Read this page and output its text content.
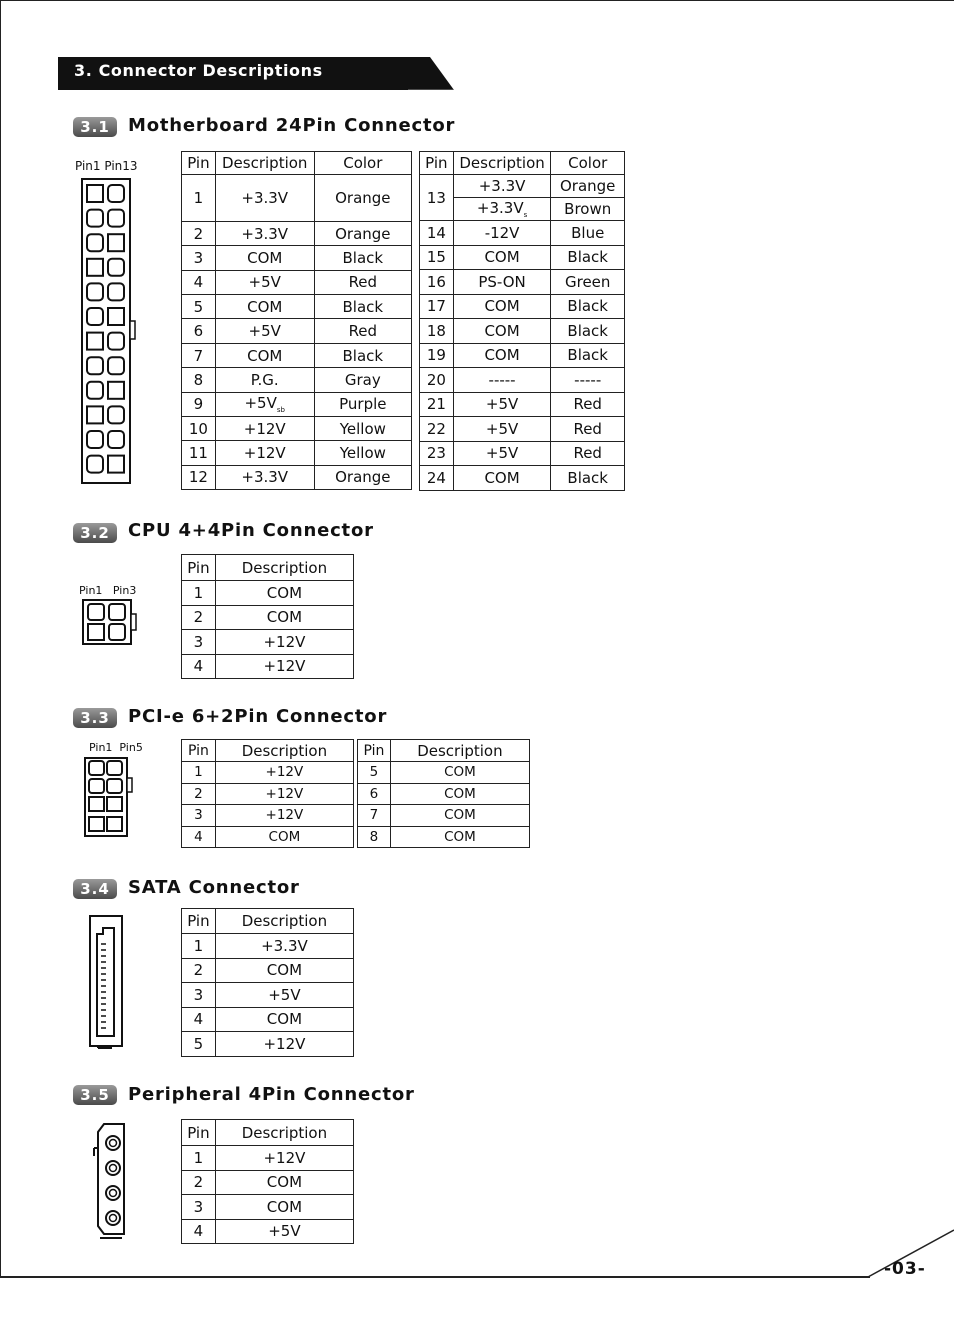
-03-
3. Connector Descriptions
3.1	Motherboard 24Pin Connector
Pin1 Pin13	Pin	Description	Color
1	+3.3V	Orange
2	+3.3V	Orange
3	COM	Black
4	+5V	Red
5	COM	Black
6	+5V	Red
7	COM	Black
8	P.G.	Gray
9	$+5V_{sb}$	Purple
10	+12V	Yellow
11	+12V	Yellow
12	+3.3V	Orange
Pin	Description	Color
13	+3.3V	Orange
	$+3.3V_s$	Brown
14	-12V	Blue
15	COM	Black
16	PS-ON	Green
17	COM	Black
18	COM	Black
19	COM	Black
20	-----	-----
21	+5V	Red
22	+5V	Red
23	+5V	Red
24	COM	Black
3.2	CPU 4+4Pin Connector
Pin1   Pin3
Pin	Description
1	COM
2	COM
3	+12V
4	+12V
3.3	PCI-e 6+2Pin Connector
Pin1  Pin5	Pin	Description
1	+12V
2	+12V
3	+12V
4	COM
Pin	Description
5	COM
6	COM
7	COM
8	COM
3.4	SATA Connector
Pin	Description
1	+3.3V
2	COM
3	+5V
4	COM
5	+12V
3.5	Peripheral 4Pin Connector
Pin	Description
1	+12V
2	COM
3	COM
4	+5V
